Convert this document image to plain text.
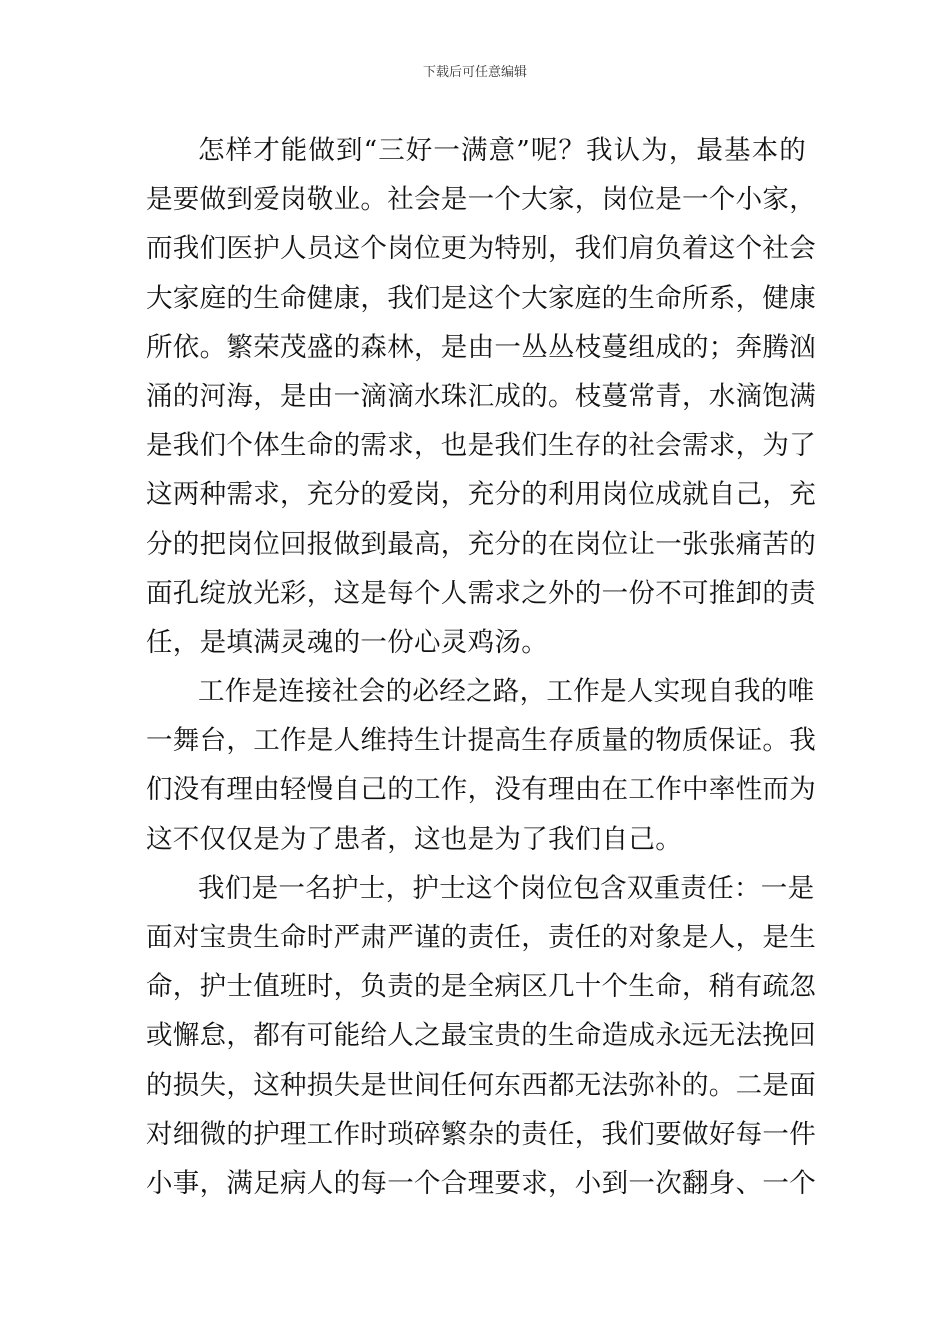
下载后可任意编辑
怎样才能做到“三好一满意”呢？我认为，最基本的
是要做到爱岗敬业。社会是一个大家，岗位是一个小家，
而我们医护人员这个岗位更为特别，我们肩负着这个社会
大家庭的生命健康，我们是这个大家庭的生命所系，健康
所依。繁荣茂盛的森林，是由一丛丛枝蔓组成的；奔腾汹
涌的河海，是由一滴滴水珠汇成的。枝蔓常青，水滴饱满
是我们个体生命的需求，也是我们生存的社会需求，为了
这两种需求，充分的爱岗，充分的利用岗位成就自己，充
分的把岗位回报做到最高，充分的在岗位让一张张痛苦的
面孔绽放光彩，这是每个人需求之外的一份不可推卸的责
任，是填满灵魂的一份心灵鸡汤。
工作是连接社会的必经之路，工作是人实现自我的唯
一舞台，工作是人维持生计提高生存质量的物质保证。我
们没有理由轻慢自己的工作，没有理由在工作中率性而为
这不仅仅是为了患者，这也是为了我们自己。
我们是一名护士，护士这个岗位包含双重责任：一是
面对宝贵生命时严肃严谨的责任，责任的对象是人，是生
命，护士值班时，负责的是全病区几十个生命，稍有疏忽
或懈怠，都有可能给人之最宝贵的生命造成永远无法挽回
的损失，这种损失是世间任何东西都无法弥补的。二是面
对细微的护理工作时琐碎繁杂的责任，我们要做好每一件
小事，满足病人的每一个合理要求，小到一次翻身、一个
